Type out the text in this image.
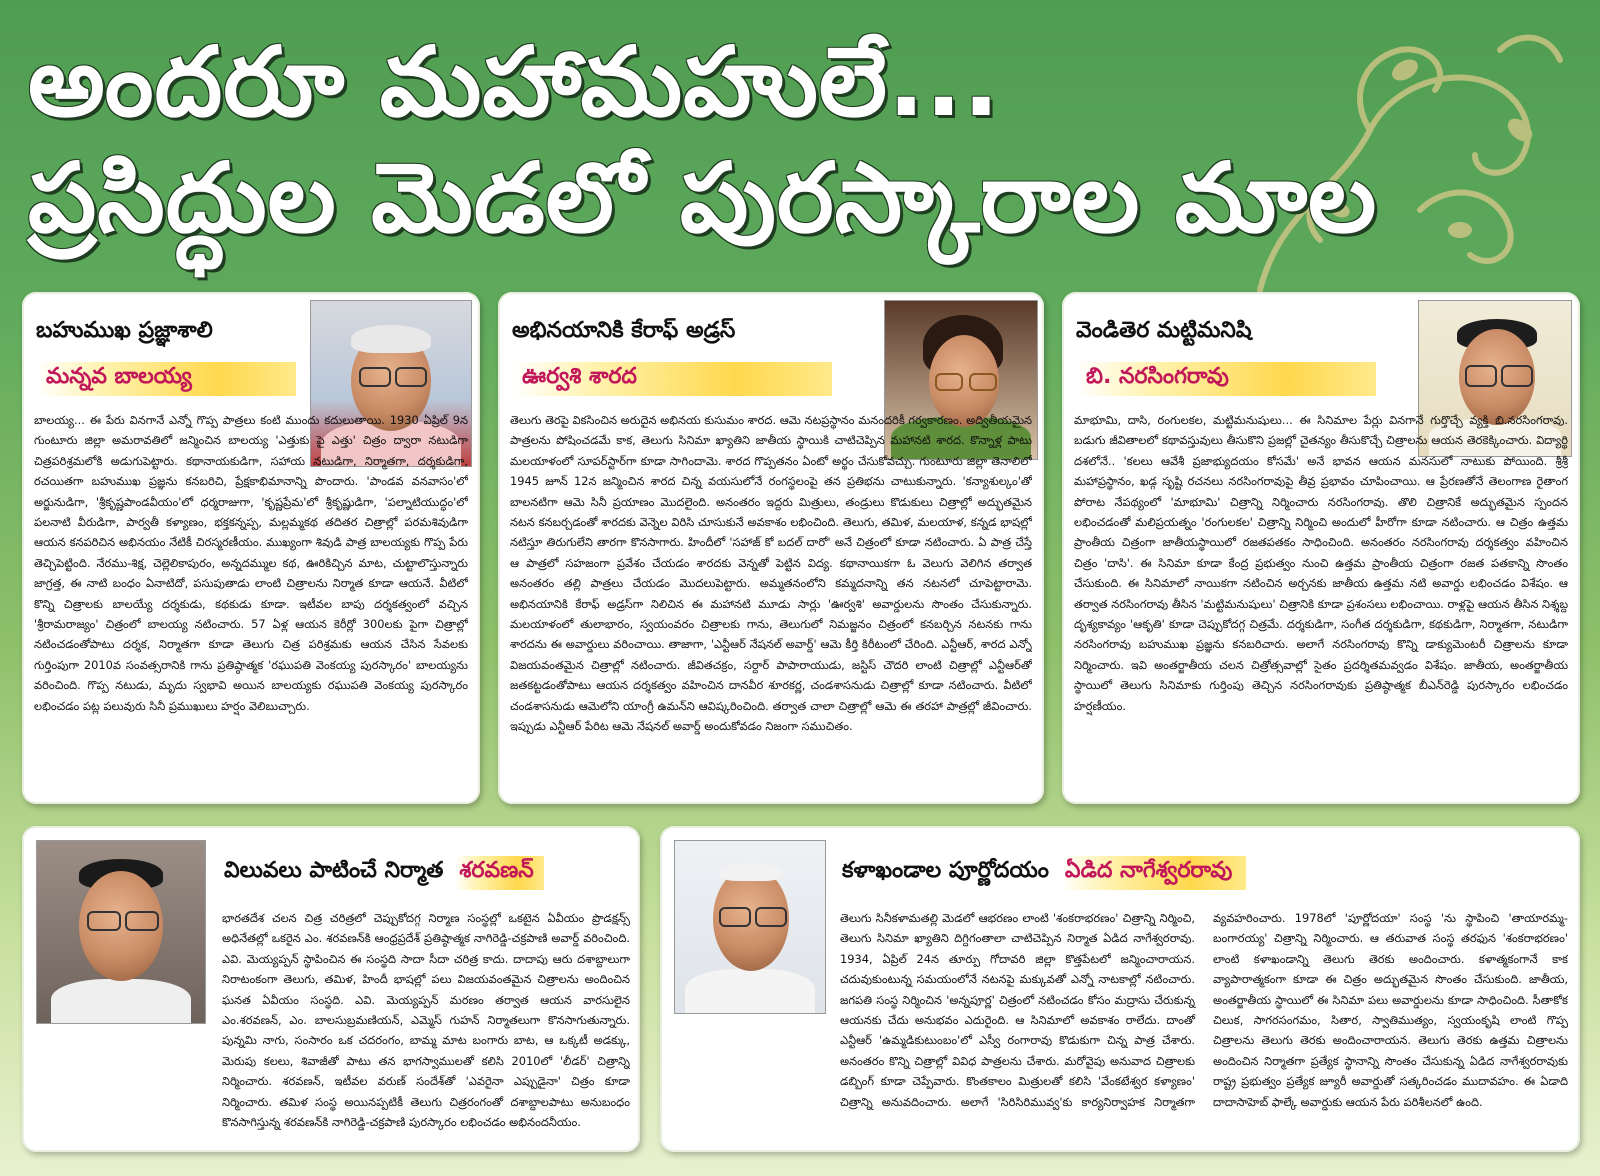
అందరూ మహామహులే...
ప్రసిద్ధుల మెడలో పురస్కారాల మాల
బహుముఖ ప్రజ్ఞాశాలి
మన్నవ బాలయ్య
బాలయ్య... ఈ పేరు వినగానే ఎన్నో గొప్ప పాత్రలు కంటి ముందు కదులుతాయి. 1930 ఏప్రిల్ 9న గుంటూరు జిల్లా అమరావతిలో జన్మించిన బాలయ్య 'ఎత్తుకు పై ఎత్తు' చిత్రం ద్వారా నటుడిగా చిత్రపరిశ్రమలోకి అడుగుపెట్టారు. కథానాయకుడిగా, సహాయ నటుడిగా, నిర్మాతగా, దర్శకుడిగా, రచయితగా బహుముఖ ప్రజ్ఞను కనబరిచి, ప్రేక్షకాభిమానాన్ని పొందారు. 'పాండవ వనవాసం'లో అర్జునుడిగా, 'శ్రీకృష్ణపాండవీయం'లో ధర్మరాజుగా, 'కృష్ణప్రేమ'లో శ్రీకృష్ణుడిగా, 'పల్నాటియుద్ధం'లో పలనాటి వీరుడిగా, పార్వతీ కళ్యాణం, భక్తకన్నప్ప, మల్లమ్మకథ తదితర చిత్రాల్లో పరమశివుడిగా ఆయన కనపరిచిన అభినయం నేటికీ చిరస్మరణీయం. ముఖ్యంగా శివుడి పాత్ర బాలయ్యకు గొప్ప పేరు తెచ్చిపెట్టింది. నేరము-శిక్ష, చెల్లెలికాపురం, అన్నదమ్ముల కథ, ఊరికిచ్చిన మాట, చుట్టాలొస్తున్నారు జాగ్రత్త, ఈ నాటి బంధం ఏనాటిదో, పసుపుతాడు లాంటి చిత్రాలను నిర్మాత కూడా ఆయనే. వీటిలో కొన్ని చిత్రాలకు బాలయ్యే దర్శకుడు, కథకుడు కూడా. ఇటీవల బాపు దర్శకత్వంలో వచ్చిన 'శ్రీరామరాజ్యం' చిత్రంలో బాలయ్య నటించారు. 57 ఏళ్ల ఆయన కెరీర్లో 300లకు పైగా చిత్రాల్లో నటించడంతోపాటు దర్శక, నిర్మాతగా కూడా తెలుగు చిత్ర పరిశ్రమకు ఆయన చేసిన సేవలకు గుర్తింపుగా 2010వ సంవత్సరానికి గాను ప్రతిష్ఠాత్మక 'రఘుపతి వెంకయ్య పురస్కారం' బాలయ్యను వరించింది. గొప్ప నటుడు, మృదు స్వభావి అయిన బాలయ్యకు రఘుపతి వెంకయ్య పురస్కారం లభించడం పట్ల పలువురు సినీ ప్రముఖులు హర్షం వెలిబుచ్చారు.
అభినయానికి కేరాఫ్ అడ్రస్
ఊర్వశి శారద
తెలుగు తెరపై వికసించిన అరుదైన అభినయ కుసుమం శారద. ఆమె నటప్రస్థానం మనందరికీ గర్వకారణం. అద్వితీయమైన పాత్రలను పోషించడమే కాక, తెలుగు సినిమా ఖ్యాతిని జాతీయ స్థాయికి చాటిచెప్పిన మహానటి శారద. కొన్నాళ్ల పాటు మలయాళంలో సూపర్‌స్టార్‌గా కూడా సాగిందామె. శారద గొప్పతనం ఏంటో అర్థం చేసుకోవచ్చు. గుంటూరు జిల్లా తెనాలిలో 1945 జూన్ 12న జన్మించిన శారద చిన్న వయసులోనే రంగస్థలంపై తన ప్రతిభను చాటుకున్నారు. 'కన్యాశుల్కం'తో బాలనటిగా ఆమె సినీ ప్రయాణం మొదలైంది. అనంతరం ఇద్దరు మిత్రులు, తండ్రులు కొడుకులు చిత్రాల్లో అద్భుతమైన నటన కనబర్చడంతో శారదకు వెన్నెల విరిసి చూసుకునే అవకాశం లభించింది. తెలుగు, తమిళ, మలయాళ, కన్నడ భాషల్లో నటిస్తూ తిరుగులేని తారగా కొనసాగారు. హిందీలో 'సహాజ్ కో బదల్ దారో' అనే చిత్రంలో కూడా నటించారు. ఏ పాత్ర చేస్తే ఆ పాత్రలో సహజంగా ప్రవేశం చేయడం శారదకు వెన్నతో పెట్టిన విద్య. కథానాయికగా ఓ వెలుగు వెలిగిన తర్వాత అనంతరం తల్లి పాత్రలు చేయడం మొదలుపెట్టారు. అమ్మతనంలోని కమ్మదనాన్ని తన నటనలో చూపెట్టారామె. అభినయానికి కేరాఫ్ అడ్రస్‌గా నిలిచిన ఈ మహానటి మూడు సార్లు 'ఊర్వశి' అవార్డులను సొంతం చేసుకున్నారు. మలయాళంలో తులాభారం, స్వయంవరం చిత్రాలకు గాను, తెలుగులో నిమజ్జనం చిత్రంలో కనబర్చిన నటనకు గాను శారదను ఈ అవార్డులు వరించాయి. తాజాగా, 'ఎన్టీఆర్ నేషనల్ అవార్డ్' ఆమె కీర్తి కిరీటంలో చేరింది. ఎన్టీఆర్, శారద ఎన్నో విజయవంతమైన చిత్రాల్లో నటించారు. జీవితచక్రం, సర్దార్ పాపారాయుడు, జస్టిస్ చౌదరి లాంటి చిత్రాల్లో ఎన్టీఆర్‌తో జతకట్టడంతోపాటు ఆయన దర్శకత్వం వహించిన దానవీర శూరకర్ణ, చండశాసనుడు చిత్రాల్లో కూడా నటించారు. వీటిలో చండశాసనుడు ఆమెలోని యాంగ్రీ ఉమన్‌ని ఆవిష్కరించింది. తర్వాత చాలా చిత్రాల్లో ఆమె ఈ తరహా పాత్రల్లో జీవించారు. ఇప్పుడు ఎన్టీఆర్ పేరిట ఆమె నేషనల్ అవార్డ్ అందుకోవడం నిజంగా సముచితం.
వెండితెర మట్టిమనిషి
బి. నరసింగరావు
మాభూమి, దాసి, రంగులకల, మట్టిమనుషులు... ఈ సినిమాల పేర్లు వినగానే గుర్తొచ్చే వ్యక్తి బి.నరసింగరావు. బడుగు జీవితాలలో కథావస్తువులు తీసుకొని ప్రజల్లో చైతన్యం తీసుకొచ్చే చిత్రాలను ఆయన తెరకెక్కించారు. విద్యార్థి దశలోనే.. 'కలలు ఆవేశీ ప్రజాభ్యుదయం కోసమే' అనే భావన ఆయన మనసులో నాటుకు పోయింది. శ్రీశ్రీ మహాప్రస్థానం, ఖడ్గ సృష్టి రచనలు నరసింగరావుపై తీవ్ర ప్రభావం చూపించాయి. ఆ ప్రేరణతోనే తెలంగాణ రైతాంగ పోరాట నేపథ్యంలో 'మాభూమి' చిత్రాన్ని నిర్మించారు నరసింగరావు. తొలి చిత్రానికే అద్భుతమైన స్పందన లభించడంతో మలిప్రయత్నం 'రంగులకల' చిత్రాన్ని నిర్మించి అందులో హీరోగా కూడా నటించారు. ఆ చిత్రం ఉత్తమ ప్రాంతీయ చిత్రంగా జాతీయస్థాయిలో రజతపతకం సాధించింది. అనంతరం నరసింగరావు దర్శకత్వం వహించిన చిత్రం 'దాసి'. ఈ సినిమా కూడా కేంద్ర ప్రభుత్వం నుంచి ఉత్తమ ప్రాంతీయ చిత్రంగా రజత పతకాన్ని సొంతం చేసుకుంది. ఈ సినిమాలో నాయికగా నటించిన అర్చనకు జాతీయ ఉత్తమ నటి అవార్డు లభించడం విశేషం. ఆ తర్వాత నరసింగరావు తీసిన 'మట్టిమనుషులు' చిత్రానికి కూడా ప్రశంసలు లభించాయి. రాళ్లపై ఆయన తీసిన నిశ్శబ్ద దృశ్యకావ్యం 'ఆకృతి' కూడా చెప్పుకోదగ్గ చిత్రమే. దర్శకుడిగా, సంగీత దర్శకుడిగా, కథకుడిగా, నిర్మాతగా, నటుడిగా నరసింగరావు బహుముఖ ప్రజ్ఞను కనబరిచారు. అలాగే నరసింగరావు కొన్ని డాక్యుమెంటరీ చిత్రాలను కూడా నిర్మించారు. ఇవి అంతర్జాతీయ చలన చిత్రోత్సవాల్లో సైతం ప్రదర్శితమవ్వడం విశేషం. జాతీయ, అంతర్జాతీయ స్థాయిలో తెలుగు సినిమాకు గుర్తింపు తెచ్చిన నరసింగరావుకు ప్రతిష్ఠాత్మక బీఎన్‌రెడ్డి పురస్కారం లభించడం హర్షణీయం.
విలువలు పాటించే నిర్మాత శరవణన్
భారతదేశ చలన చిత్ర చరిత్రలో చెప్పుకోదగ్గ నిర్మాణ సంస్థల్లో ఒకటైన ఏవీయం ప్రొడక్షన్స్ అధినేతల్లో ఒకరైన ఎం. శరవణన్‌కి ఆంధ్రప్రదేశ్ ప్రతిష్ఠాత్మక నాగిరెడ్డి-చక్రపాణి అవార్డ్ వరించింది. ఎవి. మెయ్యప్పన్ స్థాపించిన ఈ సంస్థది సాదా సీదా చరిత్ర కాదు. దాదాపు ఆరు దశాబ్దాలుగా నిరాటంకంగా తెలుగు, తమిళ, హిందీ భాషల్లో పలు విజయవంతమైన చిత్రాలను అందించిన ఘనత ఏవీయం సంస్థది. ఎవి. మెయ్యప్పన్ మరణం తర్వాత ఆయన వారసులైన ఎం.శరవణన్, ఎం. బాలసుబ్రమణియన్, ఎమ్మెస్ గుహన్ నిర్మాతలుగా కొనసాగుతున్నారు. పున్నమి నాగు, సంసారం ఒక చదరంగం, బామ్మ మాట బంగారు బాట, ఆ ఒక్కటీ అడక్కు, మెరుపు కలలు, శివాజీతో పాటు తన భాగస్వాములతో కలిసి 2010లో 'లీడర్' చిత్రాన్ని నిర్మించారు. శరవణన్, ఇటీవల వరుణ్ సందేశ్‌తో 'ఎవరైనా ఎప్పుడైనా' చిత్రం కూడా నిర్మించారు. తమిళ సంస్థ అయినప్పటికీ తెలుగు చిత్రరంగంతో దశాబ్దాలపాటు అనుబంధం కొనసాగిస్తున్న శరవణన్‌కి నాగిరెడ్డి-చక్రపాణి పురస్కారం లభించడం అభినందనీయం.
కళాఖండాల పూర్ణోదయం ఏడిద నాగేశ్వరరావు
తెలుగు సినీకళామతల్లి మెడలో ఆభరణం లాంటి 'శంకరాభరణం' చిత్రాన్ని నిర్మించి, తెలుగు సినిమా ఖ్యాతిని దిగ్దిగంతాలా చాటిచెప్పిన నిర్మాత ఏడిద నాగేశ్వరరావు. 1934, ఏప్రిల్ 24న తూర్పు గోదావరి జిల్లా కొత్తపేటలో జన్మించారాయన. చదువుకుంటున్న సమయంలోనే నటనపై మక్కువతో ఎన్నో నాటకాల్లో నటించారు. జగపతి సంస్థ నిర్మించిన 'అన్నపూర్ణ' చిత్రంలో నటించడం కోసం మద్రాసు చేరుకున్న ఆయనకు చేదు అనుభవం ఎదురైంది. ఆ సినిమాలో అవకాశం రాలేదు. దాంతో ఎన్టీఆర్ 'ఉమ్మడికుటుంబం'లో ఎస్వీ రంగారావు కొడుకుగా చిన్న పాత్ర చేశారు. అనంతరం కొన్ని చిత్రాల్లో వివిధ పాత్రలను చేశారు. మరోవైపు అనువాద చిత్రాలకు డబ్బింగ్ కూడా చెప్పేవారు. కొంతకాలం మిత్రులతో కలిసి 'వేంకటేశ్వర కళ్యాణం' చిత్రాన్ని అనువదించారు. అలాగే 'సిరిసిరిమువ్వ'కు కార్యనిర్వాహక నిర్మాతగా వ్యవహరించారు. 1978లో 'పూర్ణోదయా' సంస్థ 'ను స్థాపించి 'తాయారమ్మ-బంగారయ్య' చిత్రాన్ని నిర్మించారు. ఆ తరువాత సంస్థ తరఫున 'శంకరాభరణం' లాంటి కళాఖండాన్ని తెలుగు తెరకు అందించారు. కళాత్మకంగానే కాక వ్యాపారాత్మకంగా కూడా ఈ చిత్రం అద్భుతమైన సొంతం చేసుకుంది. జాతీయ, అంతర్జాతీయ స్థాయిలో ఈ సినిమా పలు అవార్డులను కూడా సాధించింది. సీతాకోక చిలుక, సాగరసంగమం, సితార, స్వాతిముత్యం, స్వయంకృషి లాంటి గొప్ప చిత్రాలను తెలుగు తెరకు అందించారాయన. తెలుగు తెరకు ఉత్తమ చిత్రాలను అందించిన నిర్మాతగా ప్రత్యేక స్థానాన్ని సొంతం చేసుకున్న ఏడిద నాగేశ్వరరావుకు రాష్ట్ర ప్రభుత్వం ప్రత్యేక జ్యూరీ అవార్డుతో సత్కరించడం ముదావహం. ఈ ఏడాది దాదాసాహెబ్ ఫాల్కే అవార్డుకు ఆయన పేరు పరిశీలనలో ఉంది.
